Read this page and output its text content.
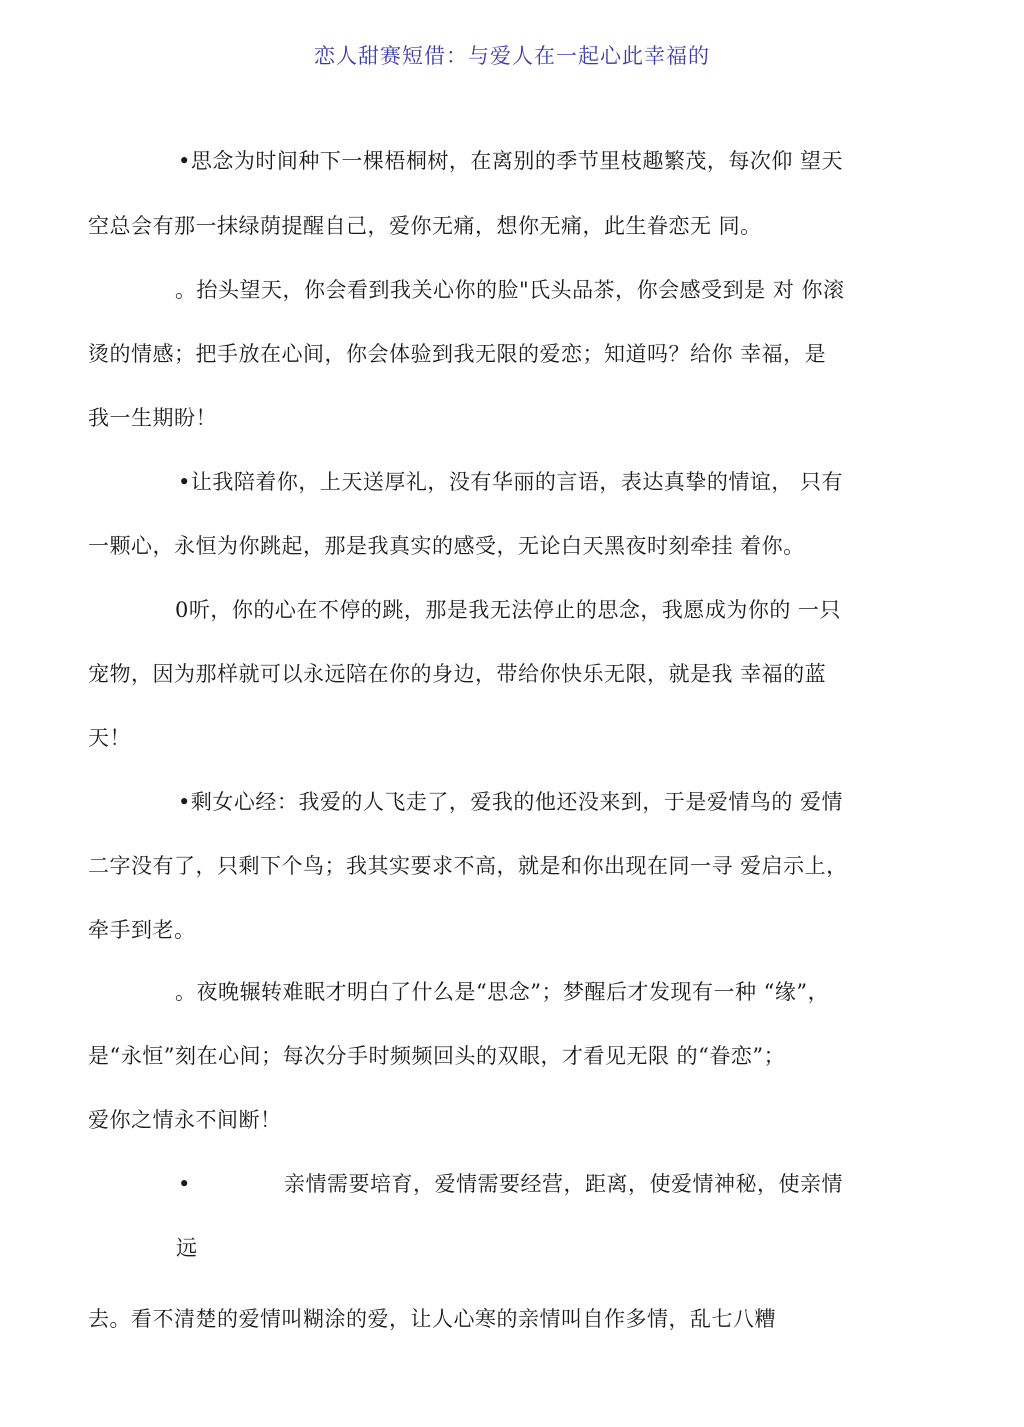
恋人甜赛短借：与爱人在一起心此幸福的
•思念为时间种下一棵梧桐树，在离别的季节里枝趣繁茂，每次仰 望天
空总会有那一抹绿荫提醒自己，爱你无痛，想你无痛，此生眷恋无 同。
。抬头望天，你会看到我关心你的脸"氏头品茶，你会感受到是 对 你滚
烫的情感；把手放在心间，你会体验到我无限的爱恋；知道吗？给你 幸福，是
我一生期盼！
•让我陪着你，上天送厚礼，没有华丽的言语，表达真挚的情谊， 只有
一颗心，永恒为你跳起，那是我真实的感受，无论白天黑夜时刻牵挂 着你。
0听，你的心在不停的跳，那是我无法停止的思念，我愿成为你的 一只
宠物，因为那样就可以永远陪在你的身边，带给你快乐无限，就是我 幸福的蓝
天！
•剩女心经：我爱的人飞走了，爱我的他还没来到，于是爱情鸟的 爱情
二字没有了，只剩下个鸟；我其实要求不高，就是和你出现在同一寻 爱启示上，
牵手到老。
。夜晚辗转难眠才明白了什么是“思念”；梦醒后才发现有一种 “缘”，
是“永恒”刻在心间；每次分手时频频回头的双眼，才看见无限 的“眷恋”；
爱你之情永不间断！
•	亲情需要培育，爱情需要经营，距离，使爱情神秘，使亲情
远
去。看不清楚的爱情叫糊涂的爱，让人心寒的亲情叫自作多情，乱七八糟
